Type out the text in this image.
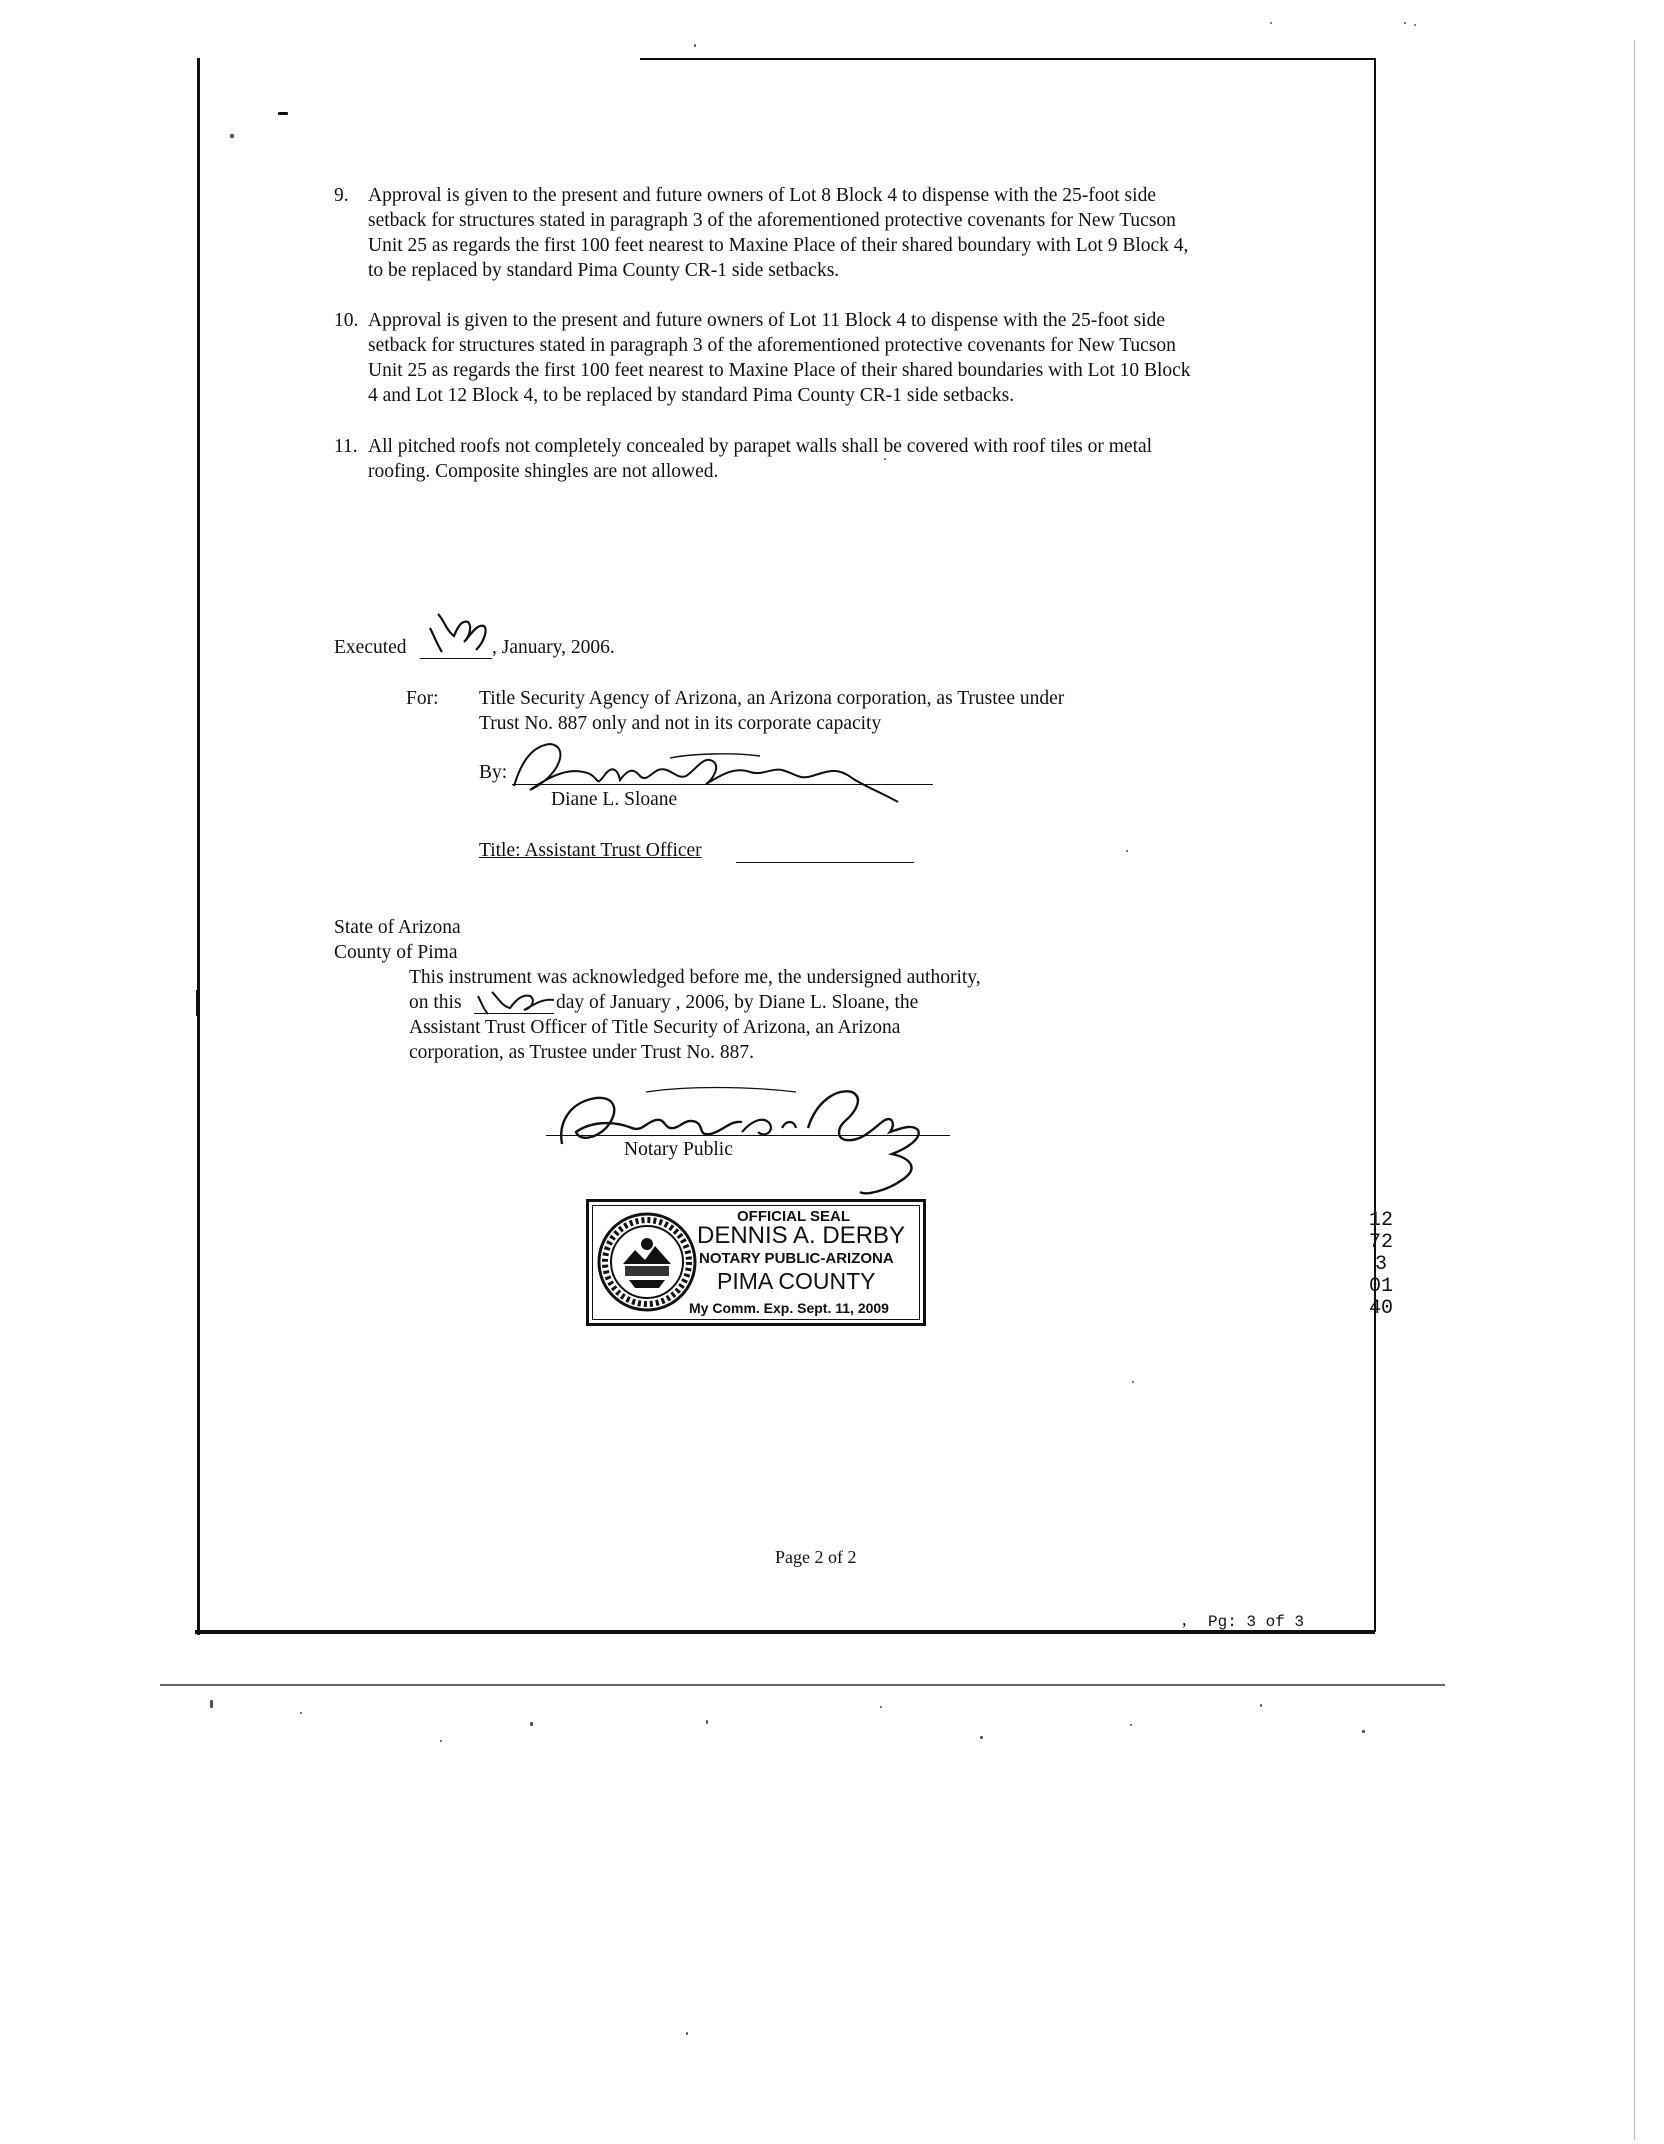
9. Approval is given to the present and future owners of Lot 8 Block 4 to dispense with the 25-foot side
setback for structures stated in paragraph 3 of the aforementioned protective covenants for New Tucson
Unit 25 as regards the first 100 feet nearest to Maxine Place of their shared boundary with Lot 9 Block 4,
to be replaced by standard Pima County CR-1 side setbacks.
10. Approval is given to the present and future owners of Lot 11 Block 4 to dispense with the 25-foot side
setback for structures stated in paragraph 3 of the aforementioned protective covenants for New Tucson
Unit 25 as regards the first 100 feet nearest to Maxine Place of their shared boundaries with Lot 10 Block
4 and Lot 12 Block 4, to be replaced by standard Pima County CR-1 side setbacks.
11. All pitched roofs not completely concealed by parapet walls shall be covered with roof tiles or metal
roofing. Composite shingles are not allowed.
Executed	, January, 2006.
For: Title Security Agency of Arizona, an Arizona corporation, as Trustee under
Trust No. 887 only and not in its corporate capacity
By:
Diane L. Sloane
Title: Assistant Trust Officer
State of Arizona
County of Pima
This instrument was acknowledged before me, the undersigned authority,
on this	day of January , 2006, by Diane L. Sloane, the
Assistant Trust Officer of Title Security of Arizona, an Arizona
corporation, as Trustee under Trust No. 887.
Notary Public
OFFICIAL SEAL
DENNIS A. DERBY
NOTARY PUBLIC-ARIZONA
PIMA COUNTY
My Comm. Exp. Sept. 11, 2009
12723 0140
Page 2 of 2
, Pg: 3 of 3
